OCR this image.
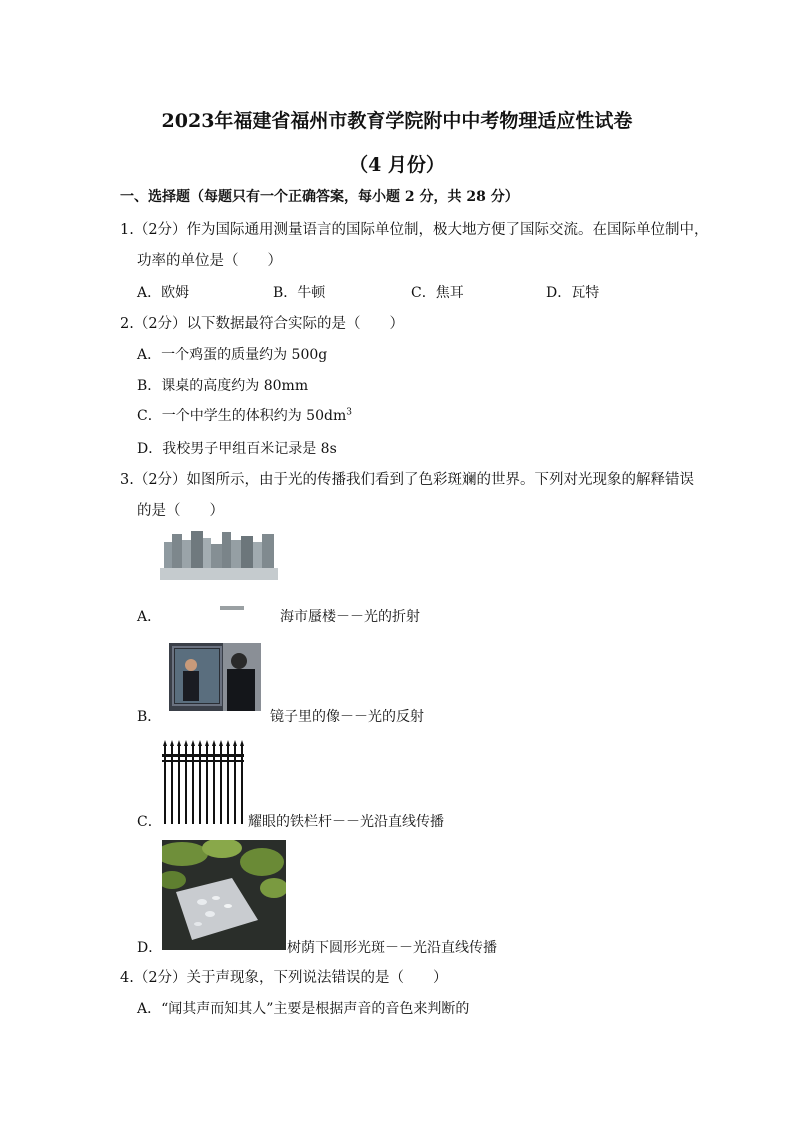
2023年福建省福州市教育学院附中中考物理适应性试卷
（4 月份）
一、选择题（每题只有一个正确答案，每小题 2 分，共 28 分）
1.（2分）作为国际通用测量语言的国际单位制，极大地方便了国际交流。在国际单位制中，
功率的单位是（　　）
A．欧姆	B．牛顿	C．焦耳	D．瓦特
2.（2分）以下数据最符合实际的是（　　）
A．一个鸡蛋的质量约为 500g
B．课桌的高度约为 80mm
C．一个中学生的体积约为 $50dm^3$
D．我校男子甲组百米记录是 8s
3.（2分）如图所示，由于光的传播我们看到了色彩斑斓的世界。下列对光现象的解释错误
的是（　　）
A．	海市蜃楼－－光的折射
B．	镜子里的像－－光的反射
C．	耀眼的铁栏杆－－光沿直线传播
D．	树荫下圆形光斑－－光沿直线传播
4.（2分）关于声现象，下列说法错误的是（　　）
A．“闻其声而知其人”主要是根据声音的音色来判断的
